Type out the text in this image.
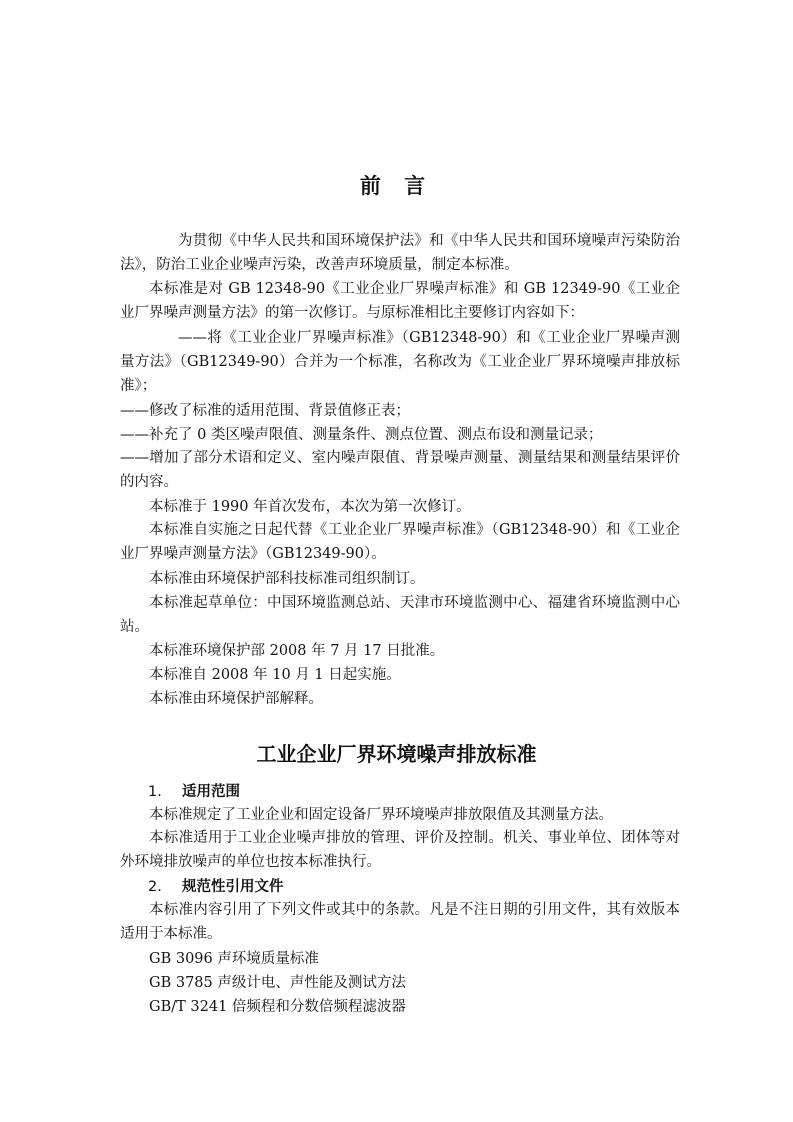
前 言

为贯彻《中华人民共和国环境保护法》和《中华人民共和国环境噪声污染防治法》，防治工业企业噪声污染，改善声环境质量，制定本标准。

本标准是对 GB 12348-90《工业企业厂界噪声标准》和 GB 12349-90《工业企业厂界噪声测量方法》的第一次修订。与原标准相比主要修订内容如下：

——将《工业企业厂界噪声标准》（GB12348-90）和《工业企业厂界噪声测量方法》（GB12349-90）合并为一个标准，名称改为《工业企业厂界环境噪声排放标准》；

——修改了标准的适用范围、背景值修正表；
——补充了 0 类区噪声限值、测量条件、测点位置、测点布设和测量记录；

——增加了部分术语和定义、室内噪声限值、背景噪声测量、测量结果和测量结果评价的内容。

本标准于 1990 年首次发布，本次为第一次修订。

本标准自实施之日起代替《工业企业厂界噪声标准》（GB12348-90）和《工业企业厂界噪声测量方法》（GB12349-90）。

本标准由环境保护部科技标准司组织制订。

本标准起草单位：中国环境监测总站、天津市环境监测中心、福建省环境监测中心站。

本标准环境保护部 2008 年 7 月 17 日批准。
本标准自 2008 年 10 月 1 日起实施。
本标准由环境保护部解释。
工业企业厂界环境噪声排放标准
1. 适用范围
本标准规定了工业企业和固定设备厂界环境噪声排放限值及其测量方法。

本标准适用于工业企业噪声排放的管理、评价及控制。机关、事业单位、团体等对外环境排放噪声的单位也按本标准执行。

2. 规范性引用文件

本标准内容引用了下列文件或其中的条款。凡是不注日期的引用文件，其有效版本适用于本标准。

GB 3096 声环境质量标准
GB 3785 声级计电、声性能及测试方法
GB/T 3241 倍频程和分数倍频程滤波器
